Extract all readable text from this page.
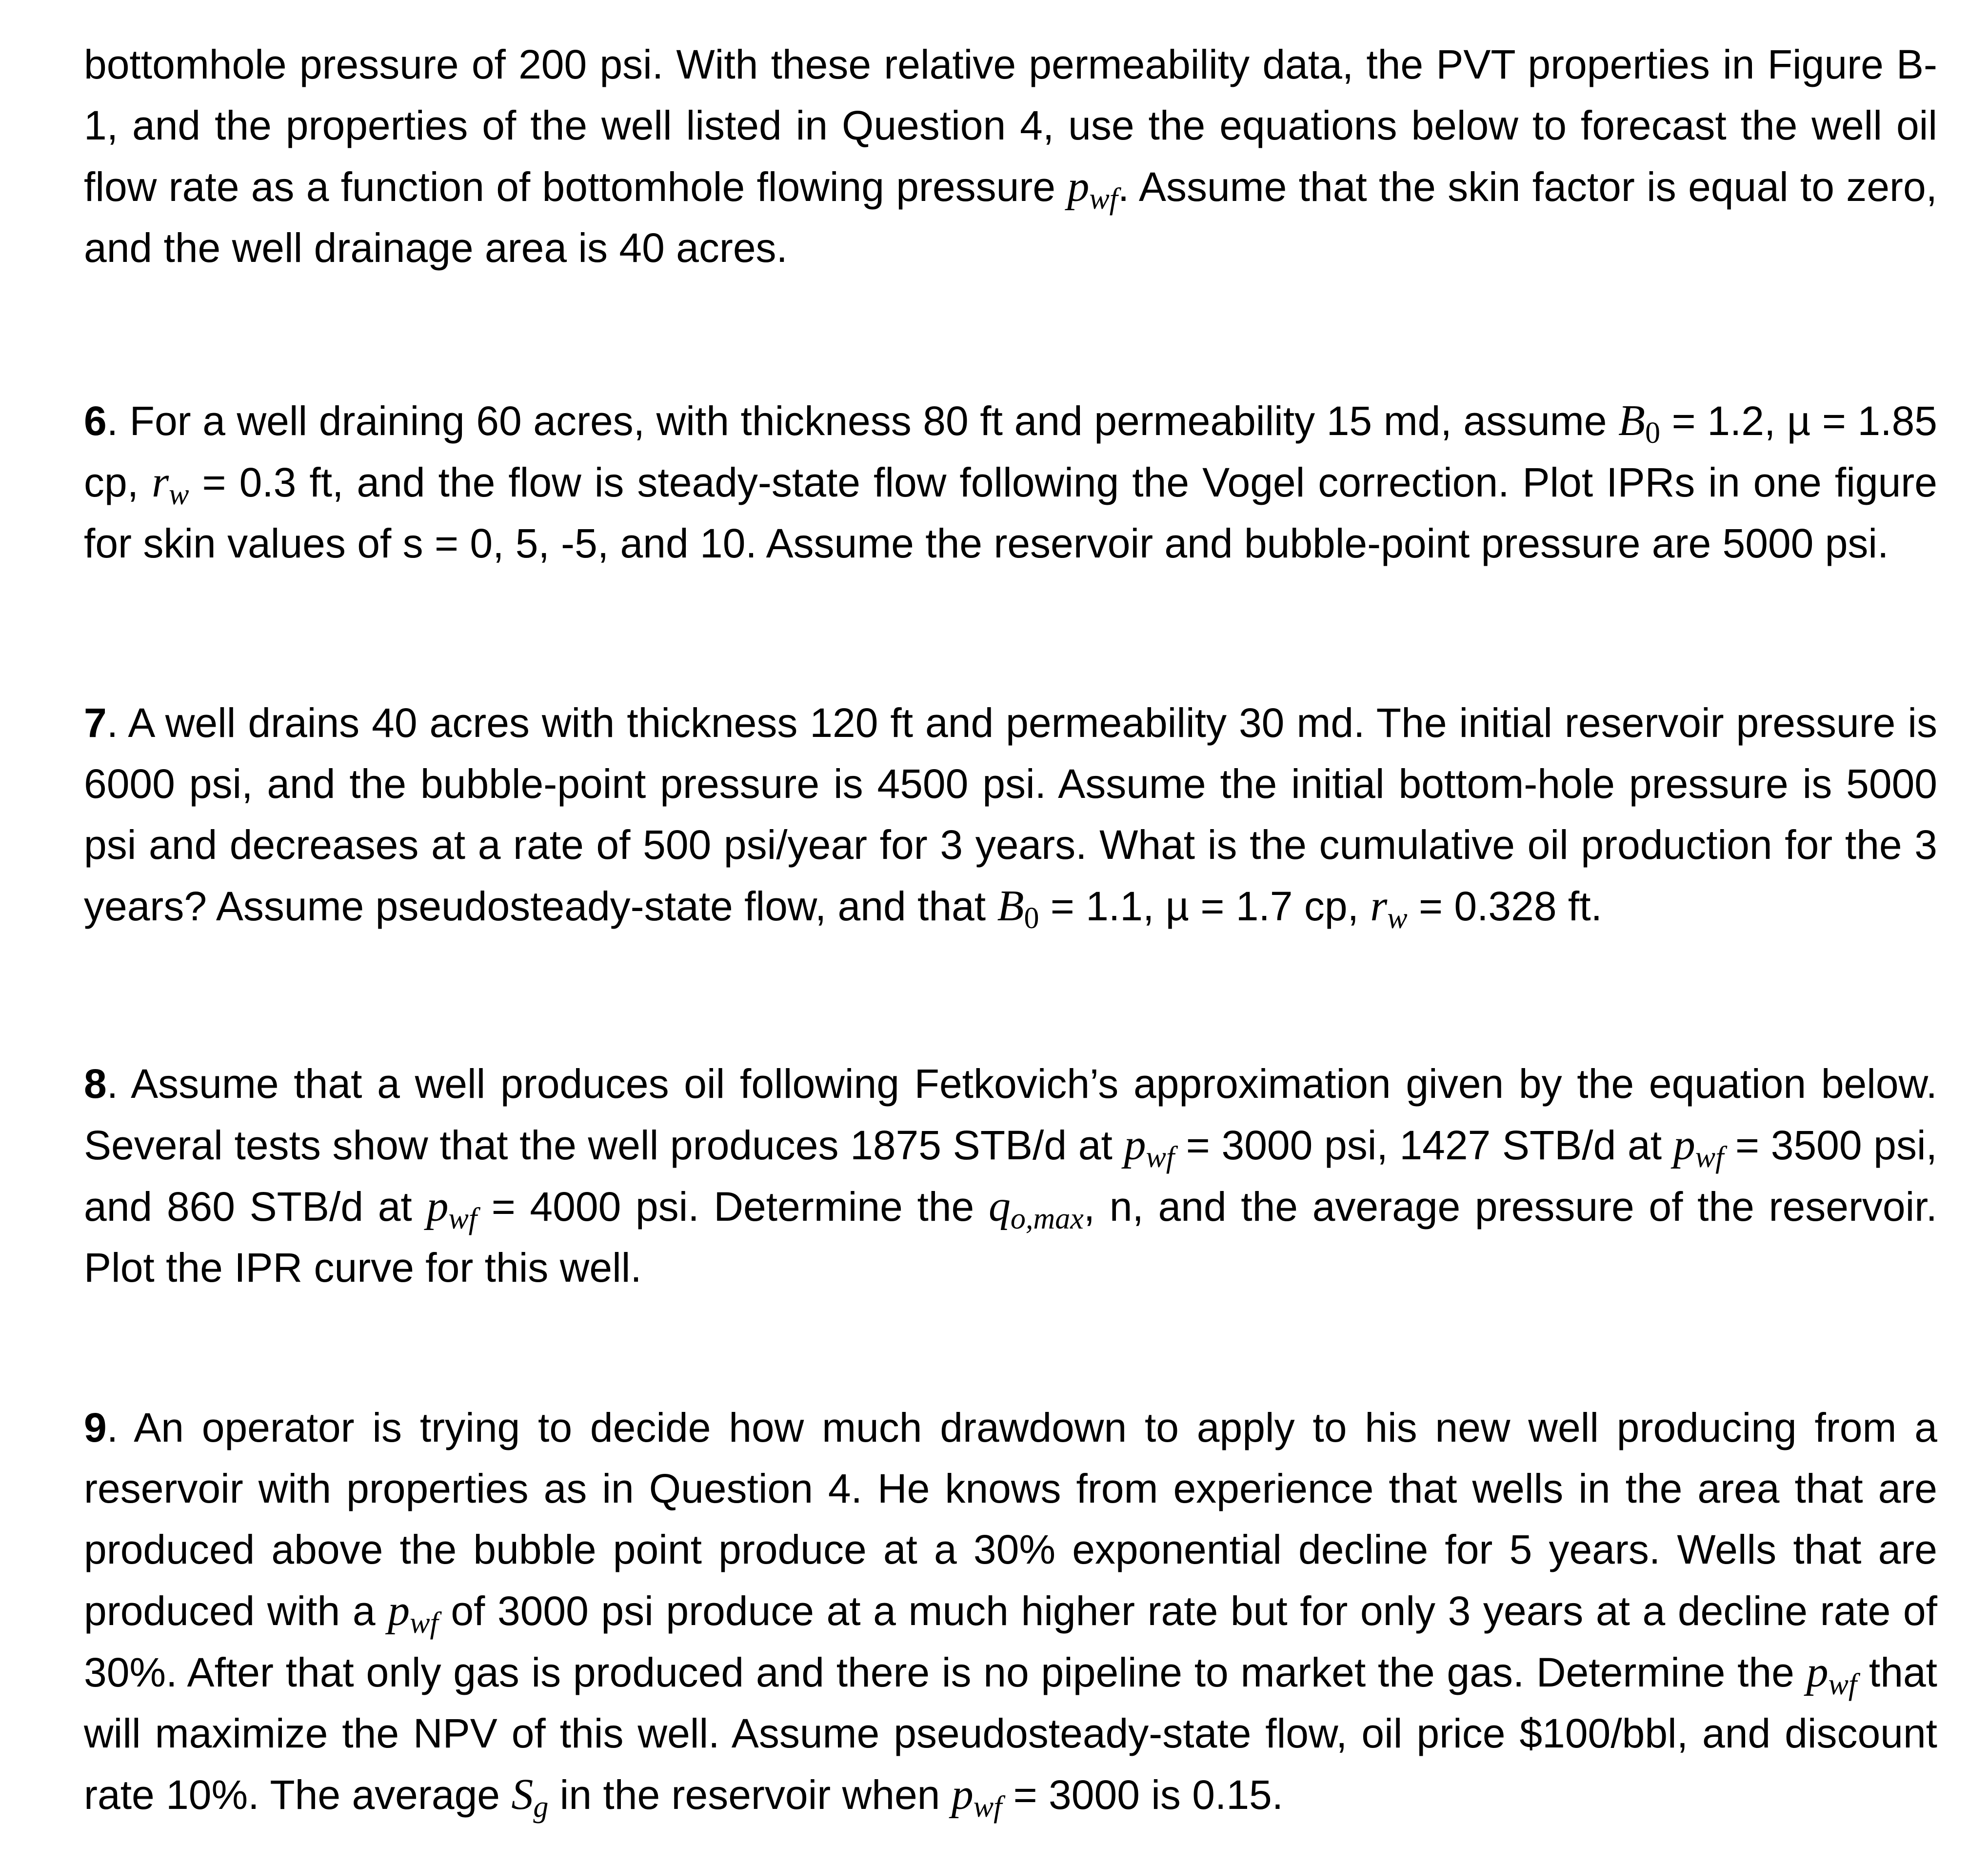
bottomhole pressure of 200 psi. With these relative permeability data, the PVT properties in Figure B-1, and the properties of the well listed in Question 4, use the equations below to forecast the well oil flow rate as a function of bottomhole flowing pressure $p_{wf}$. Assume that the skin factor is equal to zero, and the well drainage area is 40 acres.

6. For a well draining 60 acres, with thickness 80 ft and permeability 15 md, assume $B_0 = 1.2$, µ = 1.85 cp, $r_w = 0.3$ ft, and the flow is steady-state flow following the Vogel correction. Plot IPRs in one figure for skin values of s = 0, 5, -5, and 10. Assume the reservoir and bubble-point pressure are 5000 psi.

7. A well drains 40 acres with thickness 120 ft and permeability 30 md. The initial reservoir pressure is 6000 psi, and the bubble-point pressure is 4500 psi. Assume the initial bottom-hole pressure is 5000 psi and decreases at a rate of 500 psi/year for 3 years. What is the cumulative oil production for the 3 years? Assume pseudosteady-state flow, and that $B_0 = 1.1$, µ = 1.7 cp, $r_w = 0.328$ ft.

8. Assume that a well produces oil following Fetkovich’s approximation given by the equation below. Several tests show that the well produces 1875 STB/d at $p_{wf} = 3000$ psi, 1427 STB/d at $p_{wf} = 3500$ psi, and 860 STB/d at $p_{wf} = 4000$ psi. Determine the $q_{o,max}$, n, and the average pressure of the reservoir. Plot the IPR curve for this well.

9. An operator is trying to decide how much drawdown to apply to his new well producing from a reservoir with properties as in Question 4. He knows from experience that wells in the area that are produced above the bubble point produce at a 30% exponential decline for 5 years. Wells that are produced with a $p_{wf}$ of 3000 psi produce at a much higher rate but for only 3 years at a decline rate of 30%. After that only gas is produced and there is no pipeline to market the gas. Determine the $p_{wf}$ that will maximize the NPV of this well. Assume pseudosteady-state flow, oil price $100/bbl, and discount rate 10%. The average $S_g$ in the reservoir when $p_{wf} = 3000$ is 0.15.
